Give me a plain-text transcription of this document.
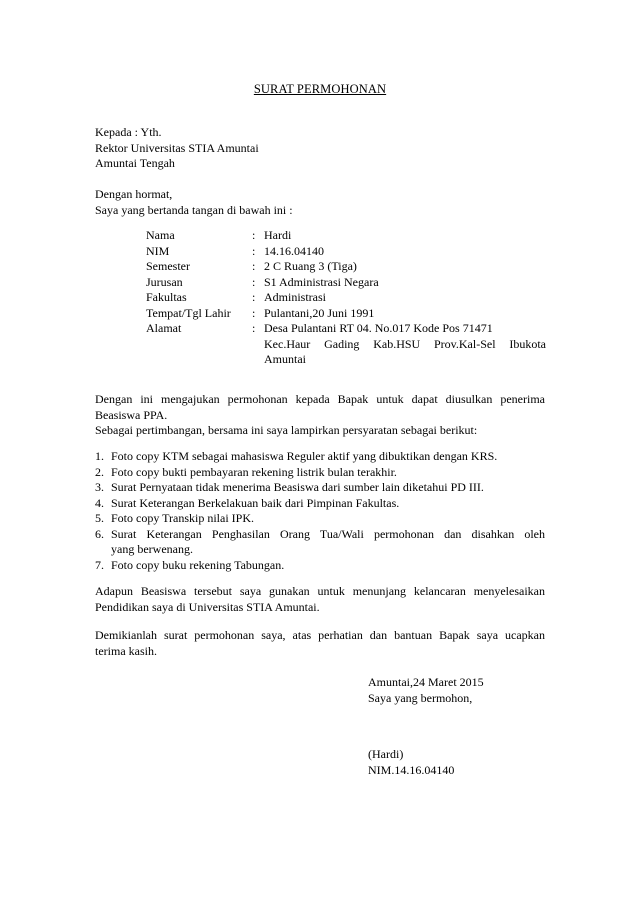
SURAT PERMOHONAN
Kepada : Yth.
Rektor Universitas STIA Amuntai
Amuntai Tengah
Dengan hormat,
Saya yang bertanda tangan di bawah ini :
Nama	: Hardi
NIM	: 14.16.04140
Semester	: 2 C Ruang 3 (Tiga)
Jurusan	: S1 Administrasi Negara
Fakultas	: Administrasi
Tempat/Tgl Lahir : Pulantani,20 Juni 1991
Alamat	: Desa Pulantani RT 04. No.017 Kode Pos 71471
Kec.Haur Gading Kab.HSU Prov.Kal-Sel Ibukota
Amuntai
Dengan ini mengajukan permohonan kepada Bapak untuk dapat diusulkan penerima
Beasiswa PPA.
Sebagai pertimbangan, bersama ini saya lampirkan persyaratan sebagai berikut:
1. Foto copy KTM sebagai mahasiswa Reguler aktif yang dibuktikan dengan KRS.
2. Foto copy bukti pembayaran rekening listrik bulan terakhir.
3. Surat Pernyataan tidak menerima Beasiswa dari sumber lain diketahui PD III.
4. Surat Keterangan Berkelakuan baik dari Pimpinan Fakultas.
5. Foto copy Transkip nilai IPK.
6. Surat Keterangan Penghasilan Orang Tua/Wali permohonan dan disahkan oleh
yang berwenang.
7. Foto copy buku rekening Tabungan.
Adapun Beasiswa tersebut saya gunakan untuk menunjang kelancaran menyelesaikan
Pendidikan saya di Universitas STIA Amuntai.
Demikianlah surat permohonan saya, atas perhatian dan bantuan Bapak saya ucapkan
terima kasih.
Amuntai,24 Maret 2015
Saya yang bermohon,
(Hardi)
NIM.14.16.04140
